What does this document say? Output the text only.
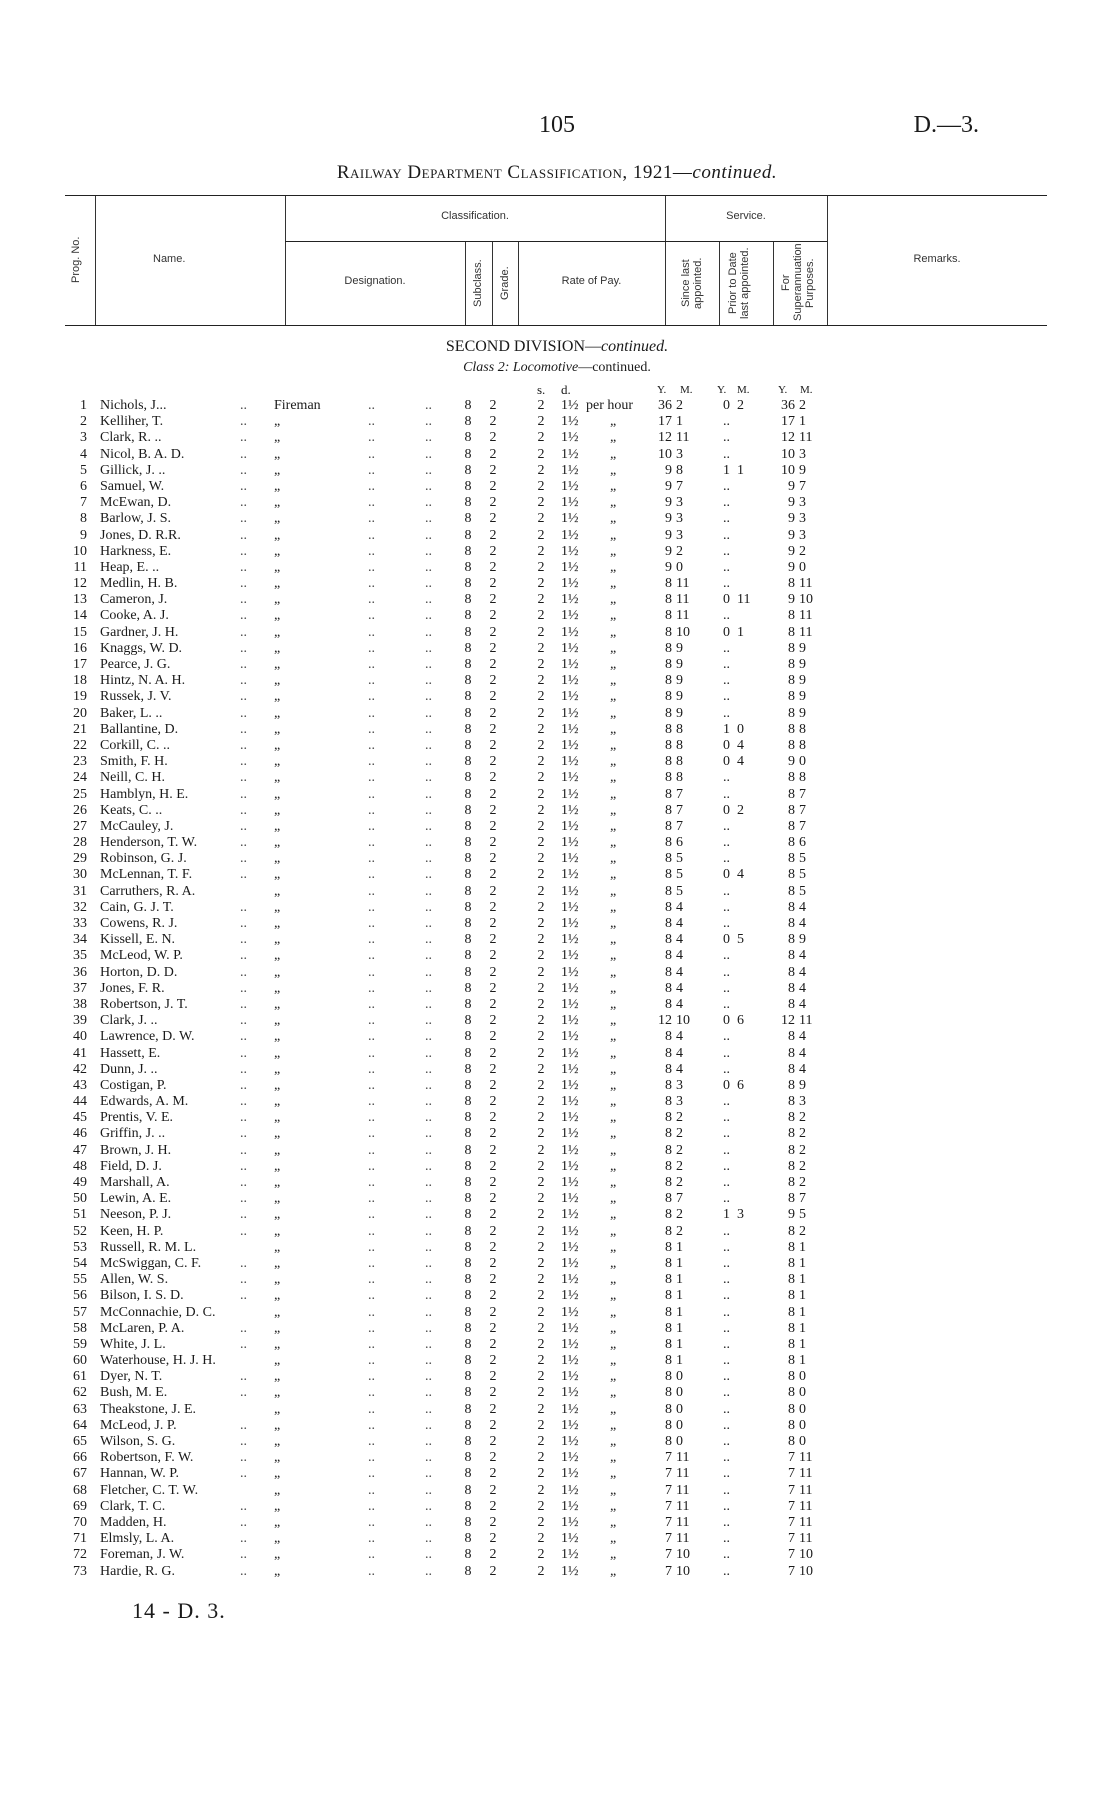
105	D.—3.
Railway Department Classification, 1921—continued.
Prog. No.	Name.
Classification.
Designation.	Subclass. Grade.	Rate of Pay.
Service.
Since last appointed.	Prior to Date last appointed.	For Superannuation Purposes.	Remarks.
SECOND DIVISION—continued.
Class 2: Locomotive—continued.
s. d.	Y. M. Y. M.	Y. M.
1 Nichols, J...	.. Fireman	..	.. 8 2	2 1½ per hour	36 2	0 2	36 2
2 Kelliher, T.	.. „	..	.. 8 2	2 1½ „	17 1	..	17 1
3 Clark, R. ..	.. „	..	.. 8 2	2 1½ „	12 11	..	12 11
4 Nicol, B. A. D.	.. „	..	.. 8 2	2 1½ „	10 3	..	10 3
5 Gillick, J. ..	.. „	..	.. 8 2	2 1½ „	9 8	1 1	10 9
6 Samuel, W.	.. „	..	.. 8 2	2 1½ „	9 7	..	9 7
7 McEwan, D.	.. „	..	.. 8 2	2 1½ „	9 3	..	9 3
8 Barlow, J. S.	.. „	..	.. 8 2	2 1½ „	9 3	..	9 3
9 Jones, D. R.R.	.. „	..	.. 8 2	2 1½ „	9 3	..	9 3
10 Harkness, E.	.. „	..	.. 8 2	2 1½ „	9 2	..	9 2
11 Heap, E. ..	.. „	..	.. 8 2	2 1½ „	9 0	..	9 0
12 Medlin, H. B.	.. „	..	.. 8 2	2 1½ „	8 11	..	8 11
13 Cameron, J.	.. „	..	.. 8 2	2 1½ „	8 11	0 11	9 10
14 Cooke, A. J.	.. „	..	.. 8 2	2 1½ „	8 11	..	8 11
15 Gardner, J. H.	.. „	..	.. 8 2	2 1½ „	8 10	0 1	8 11
16 Knaggs, W. D.	.. „	..	.. 8 2	2 1½ „	8 9	..	8 9
17 Pearce, J. G.	.. „	..	.. 8 2	2 1½ „	8 9	..	8 9
18 Hintz, N. A. H.	.. „	..	.. 8 2	2 1½ „	8 9	..	8 9
19 Russek, J. V.	.. „	..	.. 8 2	2 1½ „	8 9	..	8 9
20 Baker, L. ..	.. „	..	.. 8 2	2 1½ „	8 9	..	8 9
21 Ballantine, D.	.. „	..	.. 8 2	2 1½ „	8 8	1 0	8 8
22 Corkill, C. ..	.. „	..	.. 8 2	2 1½ „	8 8	0 4	8 8
23 Smith, F. H.	.. „	..	.. 8 2	2 1½ „	8 8	0 4	9 0
24 Neill, C. H.	.. „	..	.. 8 2	2 1½ „	8 8	..	8 8
25 Hamblyn, H. E.	.. „	..	.. 8 2	2 1½ „	8 7	..	8 7
26 Keats, C. ..	.. „	..	.. 8 2	2 1½ „	8 7	0 2	8 7
27 McCauley, J.	.. „	..	.. 8 2	2 1½ „	8 7	..	8 7
28 Henderson, T. W.	.. „	..	.. 8 2	2 1½ „	8 6	..	8 6
29 Robinson, G. J.	.. „	..	.. 8 2	2 1½ „	8 5	..	8 5
30 McLennan, T. F.	.. „	..	.. 8 2	2 1½ „	8 5	0 4	8 5
31 Carruthers, R. A.	„	..	.. 8 2	2 1½ „	8 5	..	8 5
32 Cain, G. J. T.	.. „	..	.. 8 2	2 1½ „	8 4	..	8 4
33 Cowens, R. J.	.. „	..	.. 8 2	2 1½ „	8 4	..	8 4
34 Kissell, E. N.	.. „	..	.. 8 2	2 1½ „	8 4	0 5	8 9
35 McLeod, W. P.	.. „	..	.. 8 2	2 1½ „	8 4	..	8 4
36 Horton, D. D.	.. „	..	.. 8 2	2 1½ „	8 4	..	8 4
37 Jones, F. R.	.. „	..	.. 8 2	2 1½ „	8 4	..	8 4
38 Robertson, J. T.	.. „	..	.. 8 2	2 1½ „	8 4	..	8 4
39 Clark, J. ..	.. „	..	.. 8 2	2 1½ „	12 10	0 6	12 11
40 Lawrence, D. W.	.. „	..	.. 8 2	2 1½ „	8 4	..	8 4
41 Hassett, E.	.. „	..	.. 8 2	2 1½ „	8 4	..	8 4
42 Dunn, J. ..	.. „	..	.. 8 2	2 1½ „	8 4	..	8 4
43 Costigan, P.	.. „	..	.. 8 2	2 1½ „	8 3	0 6	8 9
44 Edwards, A. M.	.. „	..	.. 8 2	2 1½ „	8 3	..	8 3
45 Prentis, V. E.	.. „	..	.. 8 2	2 1½ „	8 2	..	8 2
46 Griffin, J. ..	.. „	..	.. 8 2	2 1½ „	8 2	..	8 2
47 Brown, J. H.	.. „	..	.. 8 2	2 1½ „	8 2	..	8 2
48 Field, D. J.	.. „	..	.. 8 2	2 1½ „	8 2	..	8 2
49 Marshall, A.	.. „	..	.. 8 2	2 1½ „	8 2	..	8 2
50 Lewin, A. E.	.. „	..	.. 8 2	2 1½ „	8 7	..	8 7
51 Neeson, P. J.	.. „	..	.. 8 2	2 1½ „	8 2	1 3	9 5
52 Keen, H. P.	.. „	..	.. 8 2	2 1½ „	8 2	..	8 2
53 Russell, R. M. L.	„	..	.. 8 2	2 1½ „	8 1	..	8 1
54 McSwiggan, C. F.	.. „	..	.. 8 2	2 1½ „	8 1	..	8 1
55 Allen, W. S.	.. „	..	.. 8 2	2 1½ „	8 1	..	8 1
56 Bilson, I. S. D.	.. „	..	.. 8 2	2 1½ „	8 1	..	8 1
57 McConnachie, D. C.	„	..	.. 8 2	2 1½ „	8 1	..	8 1
58 McLaren, P. A.	.. „	..	.. 8 2	2 1½ „	8 1	..	8 1
59 White, J. L.	.. „	..	.. 8 2	2 1½ „	8 1	..	8 1
60 Waterhouse, H. J. H.	„	..	.. 8 2	2 1½ „	8 1	..	8 1
61 Dyer, N. T.	.. „	..	.. 8 2	2 1½ „	8 0	..	8 0
62 Bush, M. E.	.. „	..	.. 8 2	2 1½ „	8 0	..	8 0
63 Theakstone, J. E.	„	..	.. 8 2	2 1½ „	8 0	..	8 0
64 McLeod, J. P.	.. „	..	.. 8 2	2 1½ „	8 0	..	8 0
65 Wilson, S. G.	.. „	..	.. 8 2	2 1½ „	8 0	..	8 0
66 Robertson, F. W.	.. „	..	.. 8 2	2 1½ „	7 11	..	7 11
67 Hannan, W. P.	.. „	..	.. 8 2	2 1½ „	7 11	..	7 11
68 Fletcher, C. T. W.	„	..	.. 8 2	2 1½ „	7 11	..	7 11
69 Clark, T. C.	.. „	..	.. 8 2	2 1½ „	7 11	..	7 11
70 Madden, H.	.. „	..	.. 8 2	2 1½ „	7 11	..	7 11
71 Elmsly, L. A.	.. „	..	.. 8 2	2 1½ „	7 11	..	7 11
72 Foreman, J. W.	.. „	..	.. 8 2	2 1½ „	7 10	..	7 10
73 Hardie, R. G.	.. „	..	.. 8 2	2 1½ „	7 10	..	7 10
14 - D. 3.
